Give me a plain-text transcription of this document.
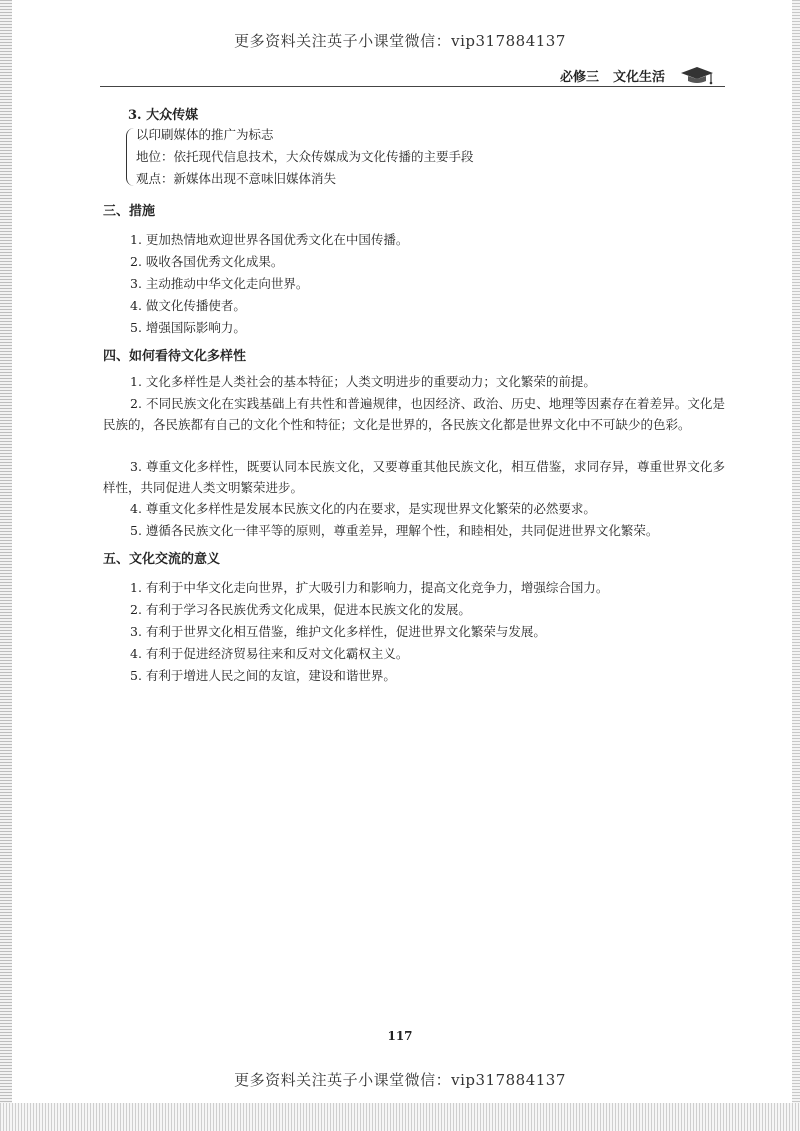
更多资料关注英子小课堂微信：vip317884137
必修三 文化生活
3. 大众传媒
以印刷媒体的推广为标志
地位：依托现代信息技术，大众传媒成为文化传播的主要手段
观点：新媒体出现不意味旧媒体消失
三、措施
1. 更加热情地欢迎世界各国优秀文化在中国传播。
2. 吸收各国优秀文化成果。
3. 主动推动中华文化走向世界。
4. 做文化传播使者。
5. 增强国际影响力。
四、如何看待文化多样性
1. 文化多样性是人类社会的基本特征；人类文明进步的重要动力；文化繁荣的前提。
2. 不同民族文化在实践基础上有共性和普遍规律，也因经济、政治、历史、地理等因素存在着差异。文化是民族的，各民族都有自己的文化个性和特征；文化是世界的，各民族文化都是世界文化中不可缺少的色彩。
3. 尊重文化多样性，既要认同本民族文化，又要尊重其他民族文化，相互借鉴，求同存异，尊重世界文化多样性，共同促进人类文明繁荣进步。
4. 尊重文化多样性是发展本民族文化的内在要求，是实现世界文化繁荣的必然要求。
5. 遵循各民族文化一律平等的原则，尊重差异，理解个性，和睦相处，共同促进世界文化繁荣。
五、文化交流的意义
1. 有利于中华文化走向世界，扩大吸引力和影响力，提高文化竞争力，增强综合国力。
2. 有利于学习各民族优秀文化成果，促进本民族文化的发展。
3. 有利于世界文化相互借鉴，维护文化多样性，促进世界文化繁荣与发展。
4. 有利于促进经济贸易往来和反对文化霸权主义。
5. 有利于增进人民之间的友谊，建设和谐世界。
117
更多资料关注英子小课堂微信：vip317884137
